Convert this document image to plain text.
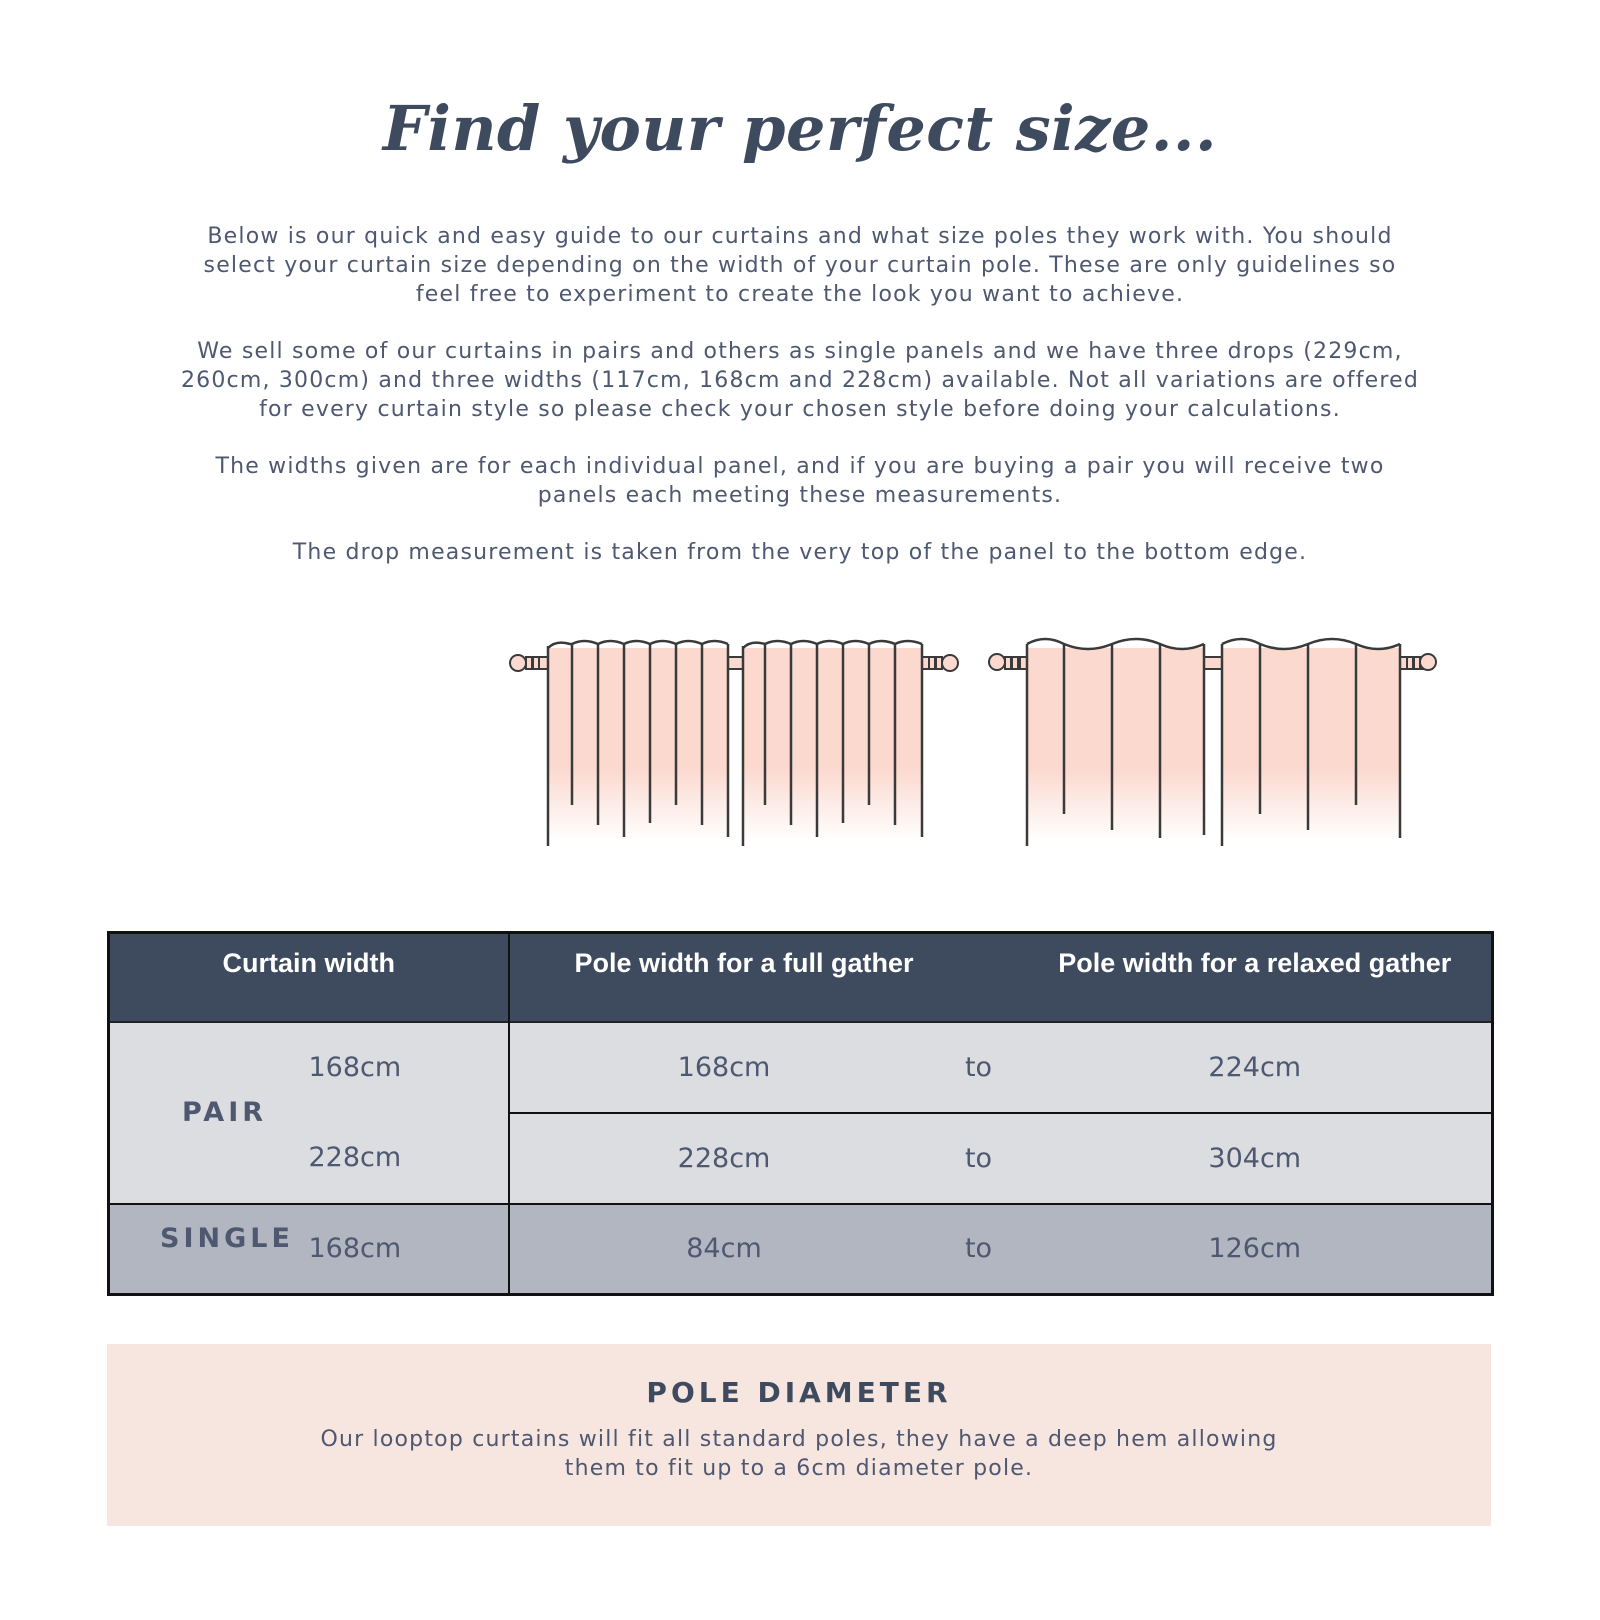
Find your perfect size...

Below is our quick and easy guide to our curtains and what size poles they work with. You should select your curtain size depending on the width of your curtain pole. These are only guidelines so feel free to experiment to create the look you want to achieve.

We sell some of our curtains in pairs and others as single panels and we have three drops (229cm, 260cm, 300cm) and three widths (117cm, 168cm and 228cm) available. Not all variations are offered for every curtain style so please check your chosen style before doing your calculations.

The widths given are for each individual panel, and if you are buying a pair you will receive two panels each meeting these measurements.

The drop measurement is taken from the very top of the panel to the bottom edge.

Curtain width		Pole width for a full gather		Pole width for a relaxed gather
PAIR	168cm	168cm	to	224cm
	228cm	228cm	to	304cm
SINGLE	168cm	84cm	to	126cm
POLE DIAMETER
Our looptop curtains will fit all standard poles, they have a deep hem allowing them to fit up to a 6cm diameter pole.
